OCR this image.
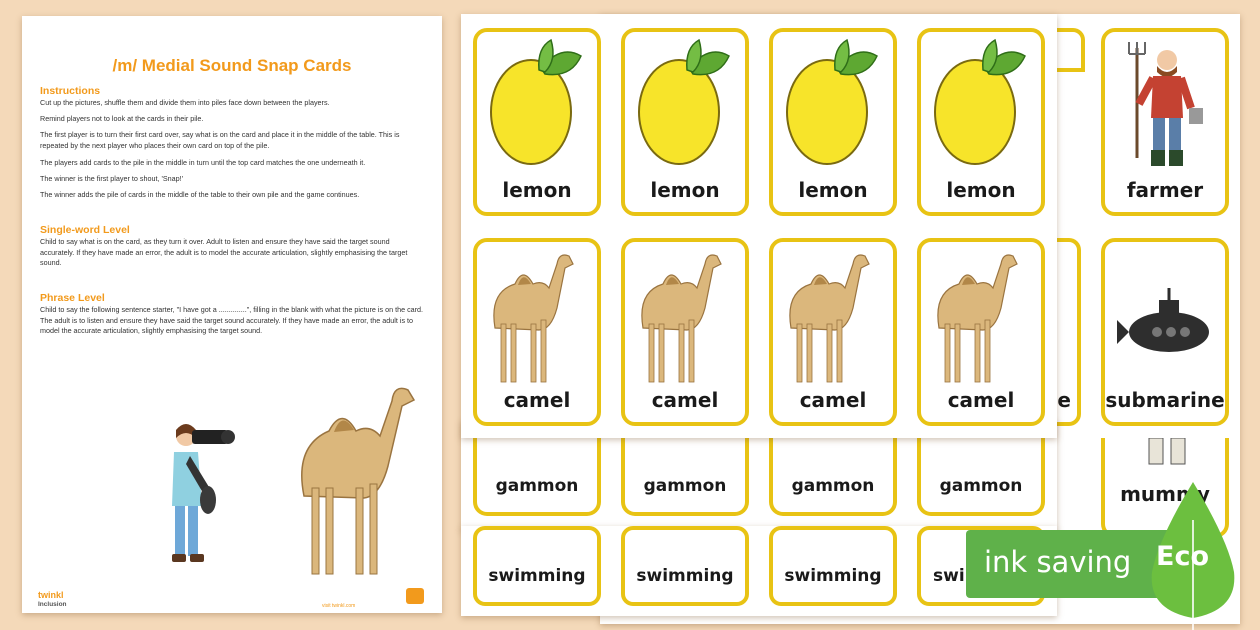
/m/ Medial Sound Snap Cards
Instructions
Cut up the pictures, shuffle them and divide them into piles face down between the players.
Remind players not to look at the cards in their pile.
The first player is to turn their first card over, say what is on the card and place it in the middle of the table. This is repeated by the next player who places their own card on top of the pile.
The players add cards to the pile in the middle in turn until the top card matches the one underneath it.
The winner is the first player to shout, 'Snap!'
The winner adds the pile of cards in the middle of the table to their own pile and the game continues.
Single-word Level
Child to say what is on the card, as they turn it over. Adult to listen and ensure they have said the target sound accurately. If they have made an error, the adult is to model the accurate articulation, slightly emphasising the target sound.
Phrase Level
Child to say the following sentence starter, "I have got a ..............", filling in the blank with what the picture is on the card. The adult is to listen and ensure they have said the target sound accurately. If they have made an error, the adult is to model the accurate articulation, slightly emphasising the target sound.
twinkl
Inclusion	visit twinkl.com
farmer
submarine
mummy
e
gammon	gammon	gammon	gammon
swimming	swimming	swimming	swi
lemon	lemon	lemon	lemon
camel	camel	camel	camel
ink saving Eco
